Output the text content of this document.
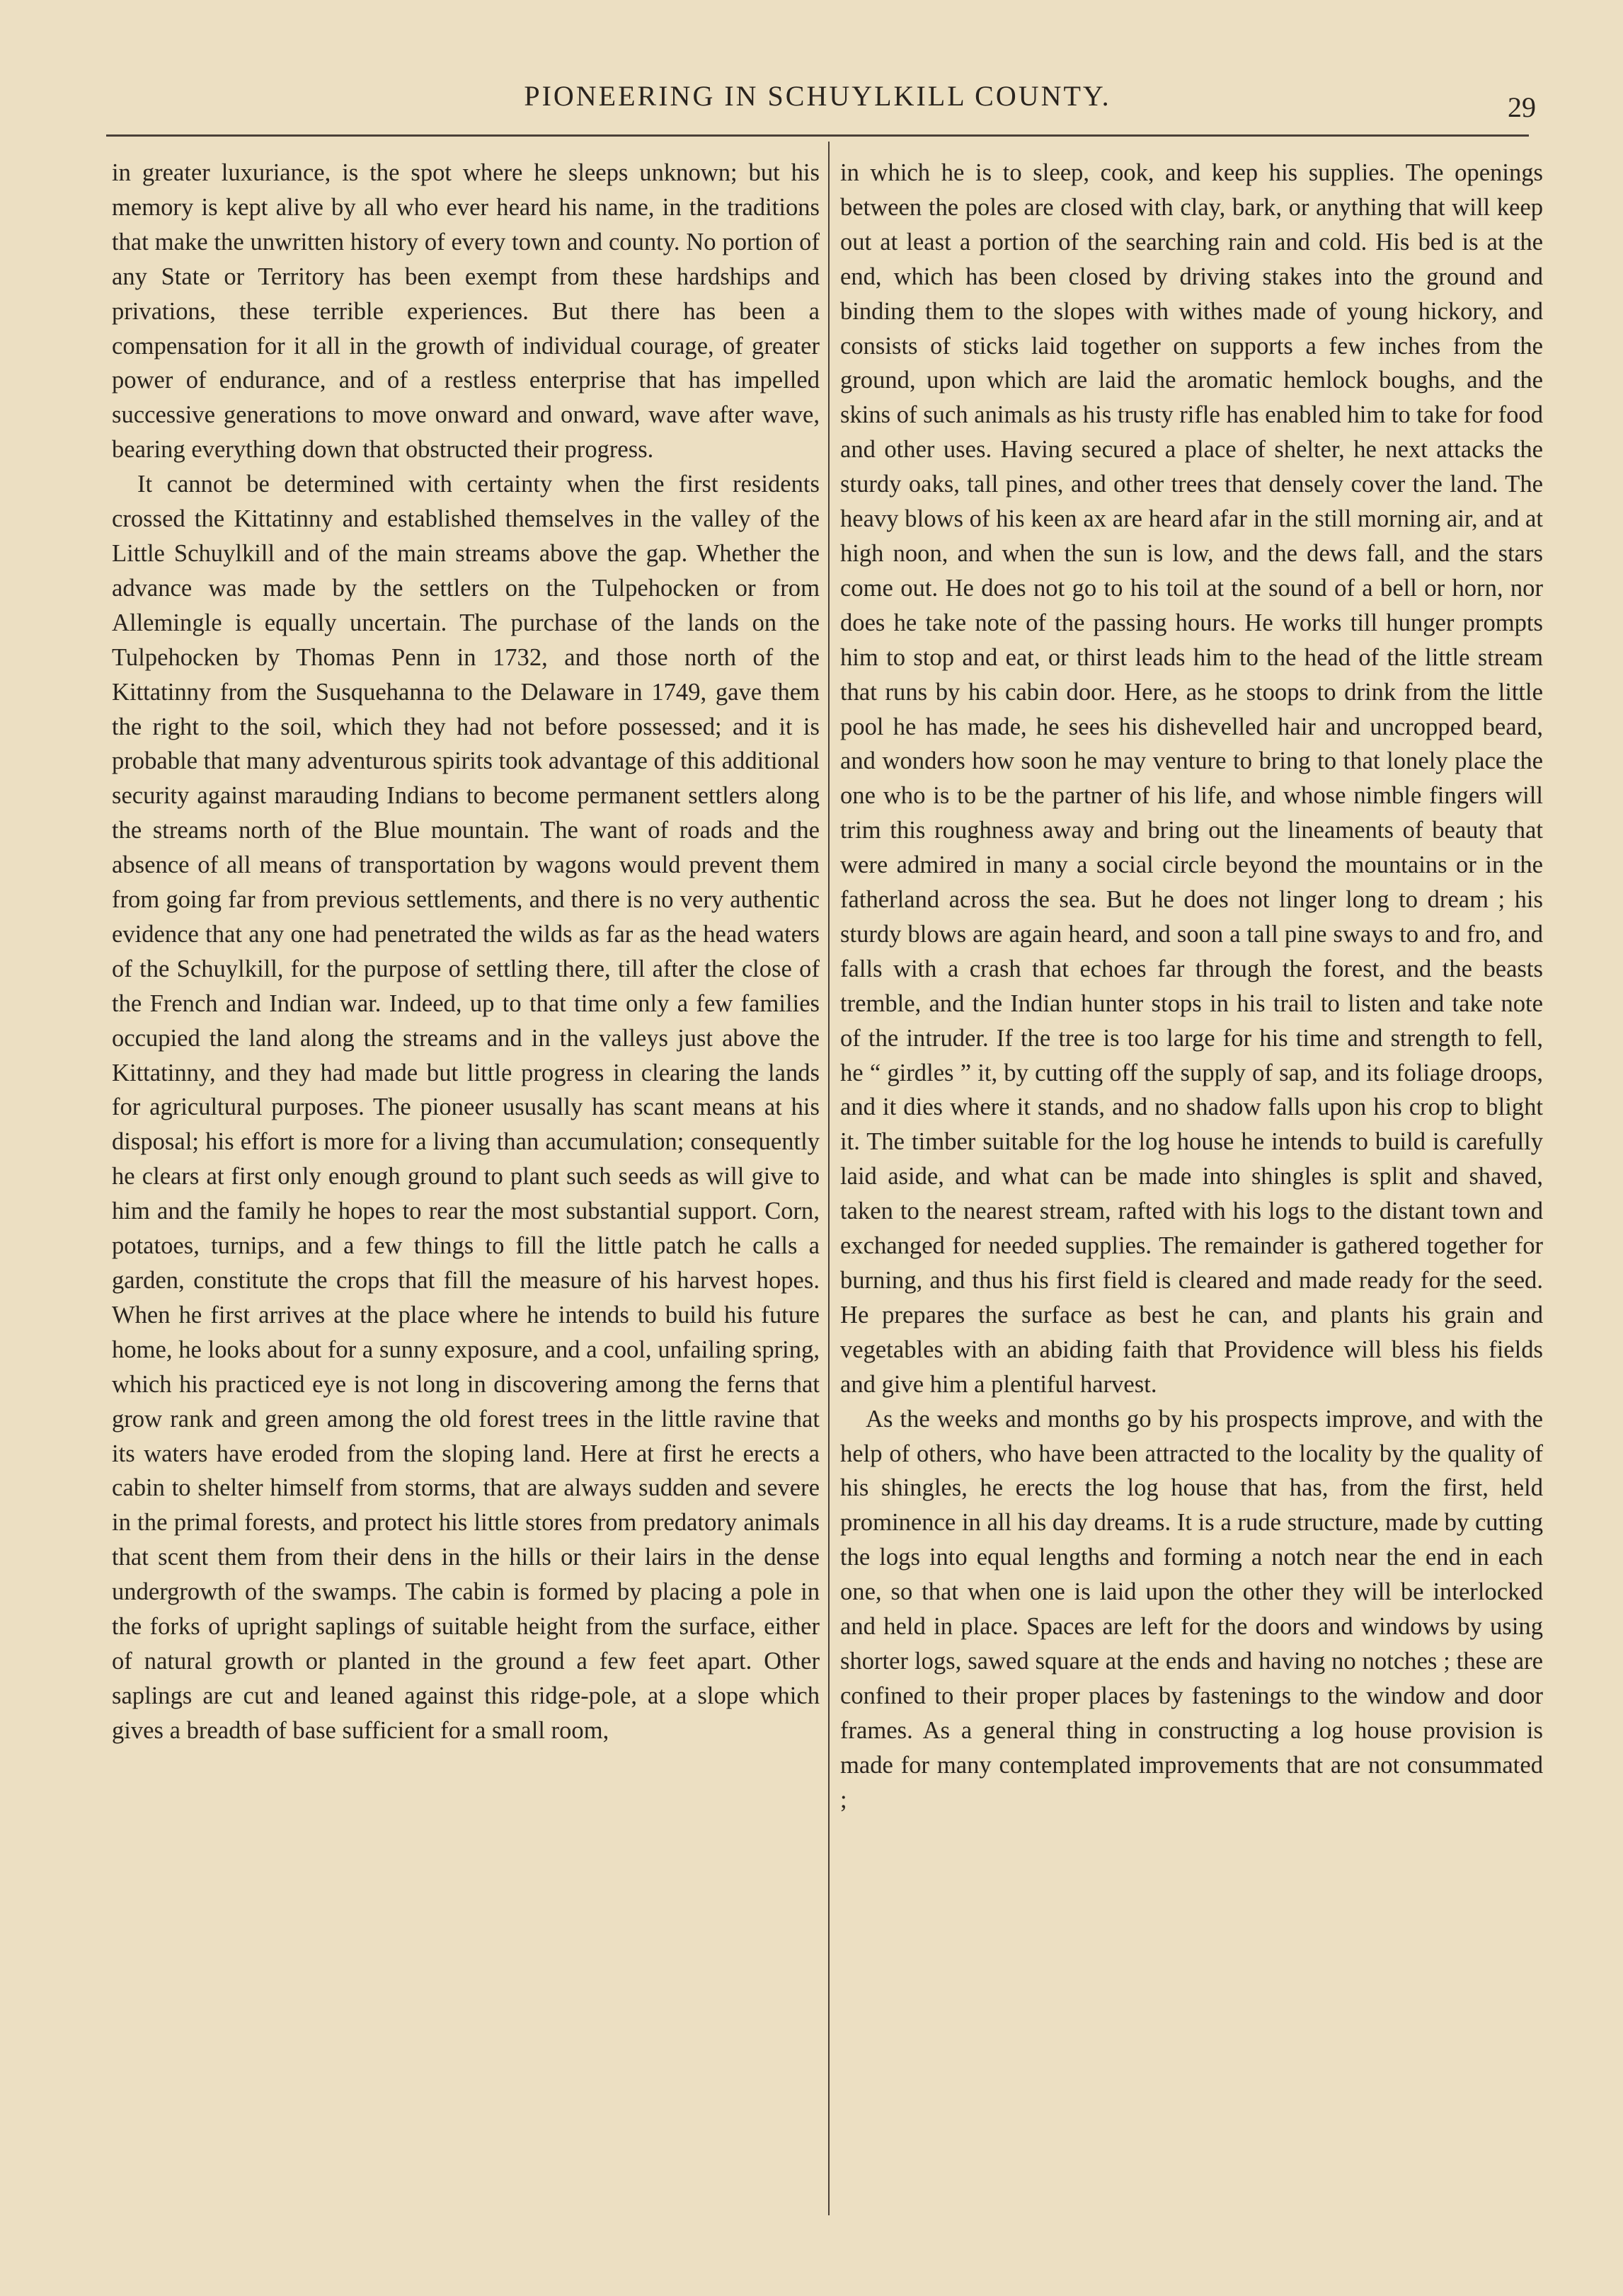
PIONEERING IN SCHUYLKILL COUNTY.	29

in greater luxuriance, is the spot where he sleeps unknown; but his memory is kept alive by all who ever heard his name, in the traditions that make the unwritten history of every town and county. No portion of any State or Territory has been exempt from these hardships and privations, these terrible experiences. But there has been a compensation for it all in the growth of individual courage, of greater power of endurance, and of a restless enterprise that has impelled successive generations to move onward and onward, wave after wave, bearing everything down that obstructed their progress.

It cannot be determined with certainty when the first residents crossed the Kittatinny and established themselves in the valley of the Little Schuylkill and of the main streams above the gap. Whether the advance was made by the settlers on the Tulpehocken or from Allemingle is equally uncertain. The purchase of the lands on the Tulpehocken by Thomas Penn in 1732, and those north of the Kittatinny from the Susquehanna to the Delaware in 1749, gave them the right to the soil, which they had not before possessed; and it is probable that many adventurous spirits took advantage of this additional security against marauding Indians to become permanent settlers along the streams north of the Blue mountain. The want of roads and the absence of all means of transportation by wagons would prevent them from going far from previous settlements, and there is no very authentic evidence that any one had penetrated the wilds as far as the head waters of the Schuylkill, for the purpose of settling there, till after the close of the French and Indian war. Indeed, up to that time only a few families occupied the land along the streams and in the valleys just above the Kittatinny, and they had made but little progress in clearing the lands for agricultural purposes. The pioneer ususally has scant means at his disposal; his effort is more for a living than accumulation; consequently he clears at first only enough ground to plant such seeds as will give to him and the family he hopes to rear the most substantial support. Corn, potatoes, turnips, and a few things to fill the little patch he calls a garden, constitute the crops that fill the measure of his harvest hopes. When he first arrives at the place where he intends to build his future home, he looks about for a sunny exposure, and a cool, unfailing spring, which his practiced eye is not long in discovering among the ferns that grow rank and green among the old forest trees in the little ravine that its waters have eroded from the sloping land. Here at first he erects a cabin to shelter himself from storms, that are always sudden and severe in the primal forests, and protect his little stores from predatory animals that scent them from their dens in the hills or their lairs in the dense undergrowth of the swamps. The cabin is formed by placing a pole in the forks of upright saplings of suitable height from the surface, either of natural growth or planted in the ground a few feet apart. Other saplings are cut and leaned against this ridge-pole, at a slope which gives a breadth of base sufficient for a small room,

in which he is to sleep, cook, and keep his supplies. The openings between the poles are closed with clay, bark, or anything that will keep out at least a portion of the searching rain and cold. His bed is at the end, which has been closed by driving stakes into the ground and binding them to the slopes with withes made of young hickory, and consists of sticks laid together on supports a few inches from the ground, upon which are laid the aromatic hemlock boughs, and the skins of such animals as his trusty rifle has enabled him to take for food and other uses. Having secured a place of shelter, he next attacks the sturdy oaks, tall pines, and other trees that densely cover the land. The heavy blows of his keen ax are heard afar in the still morning air, and at high noon, and when the sun is low, and the dews fall, and the stars come out. He does not go to his toil at the sound of a bell or horn, nor does he take note of the passing hours. He works till hunger prompts him to stop and eat, or thirst leads him to the head of the little stream that runs by his cabin door. Here, as he stoops to drink from the little pool he has made, he sees his dishevelled hair and uncropped beard, and wonders how soon he may venture to bring to that lonely place the one who is to be the partner of his life, and whose nimble fingers will trim this roughness away and bring out the lineaments of beauty that were admired in many a social circle beyond the mountains or in the fatherland across the sea. But he does not linger long to dream ; his sturdy blows are again heard, and soon a tall pine sways to and fro, and falls with a crash that echoes far through the forest, and the beasts tremble, and the Indian hunter stops in his trail to listen and take note of the intruder. If the tree is too large for his time and strength to fell, he “ girdles ” it, by cutting off the supply of sap, and its foliage droops, and it dies where it stands, and no shadow falls upon his crop to blight it. The timber suitable for the log house he intends to build is carefully laid aside, and what can be made into shingles is split and shaved, taken to the nearest stream, rafted with his logs to the distant town and exchanged for needed supplies. The remainder is gathered together for burning, and thus his first field is cleared and made ready for the seed. He prepares the surface as best he can, and plants his grain and vegetables with an abiding faith that Providence will bless his fields and give him a plentiful harvest.

As the weeks and months go by his prospects improve, and with the help of others, who have been attracted to the locality by the quality of his shingles, he erects the log house that has, from the first, held prominence in all his day dreams. It is a rude structure, made by cutting the logs into equal lengths and forming a notch near the end in each one, so that when one is laid upon the other they will be interlocked and held in place. Spaces are left for the doors and windows by using shorter logs, sawed square at the ends and having no notches ; these are confined to their proper places by fastenings to the window and door frames. As a general thing in constructing a log house provision is made for many contemplated improvements that are not consummated ;
